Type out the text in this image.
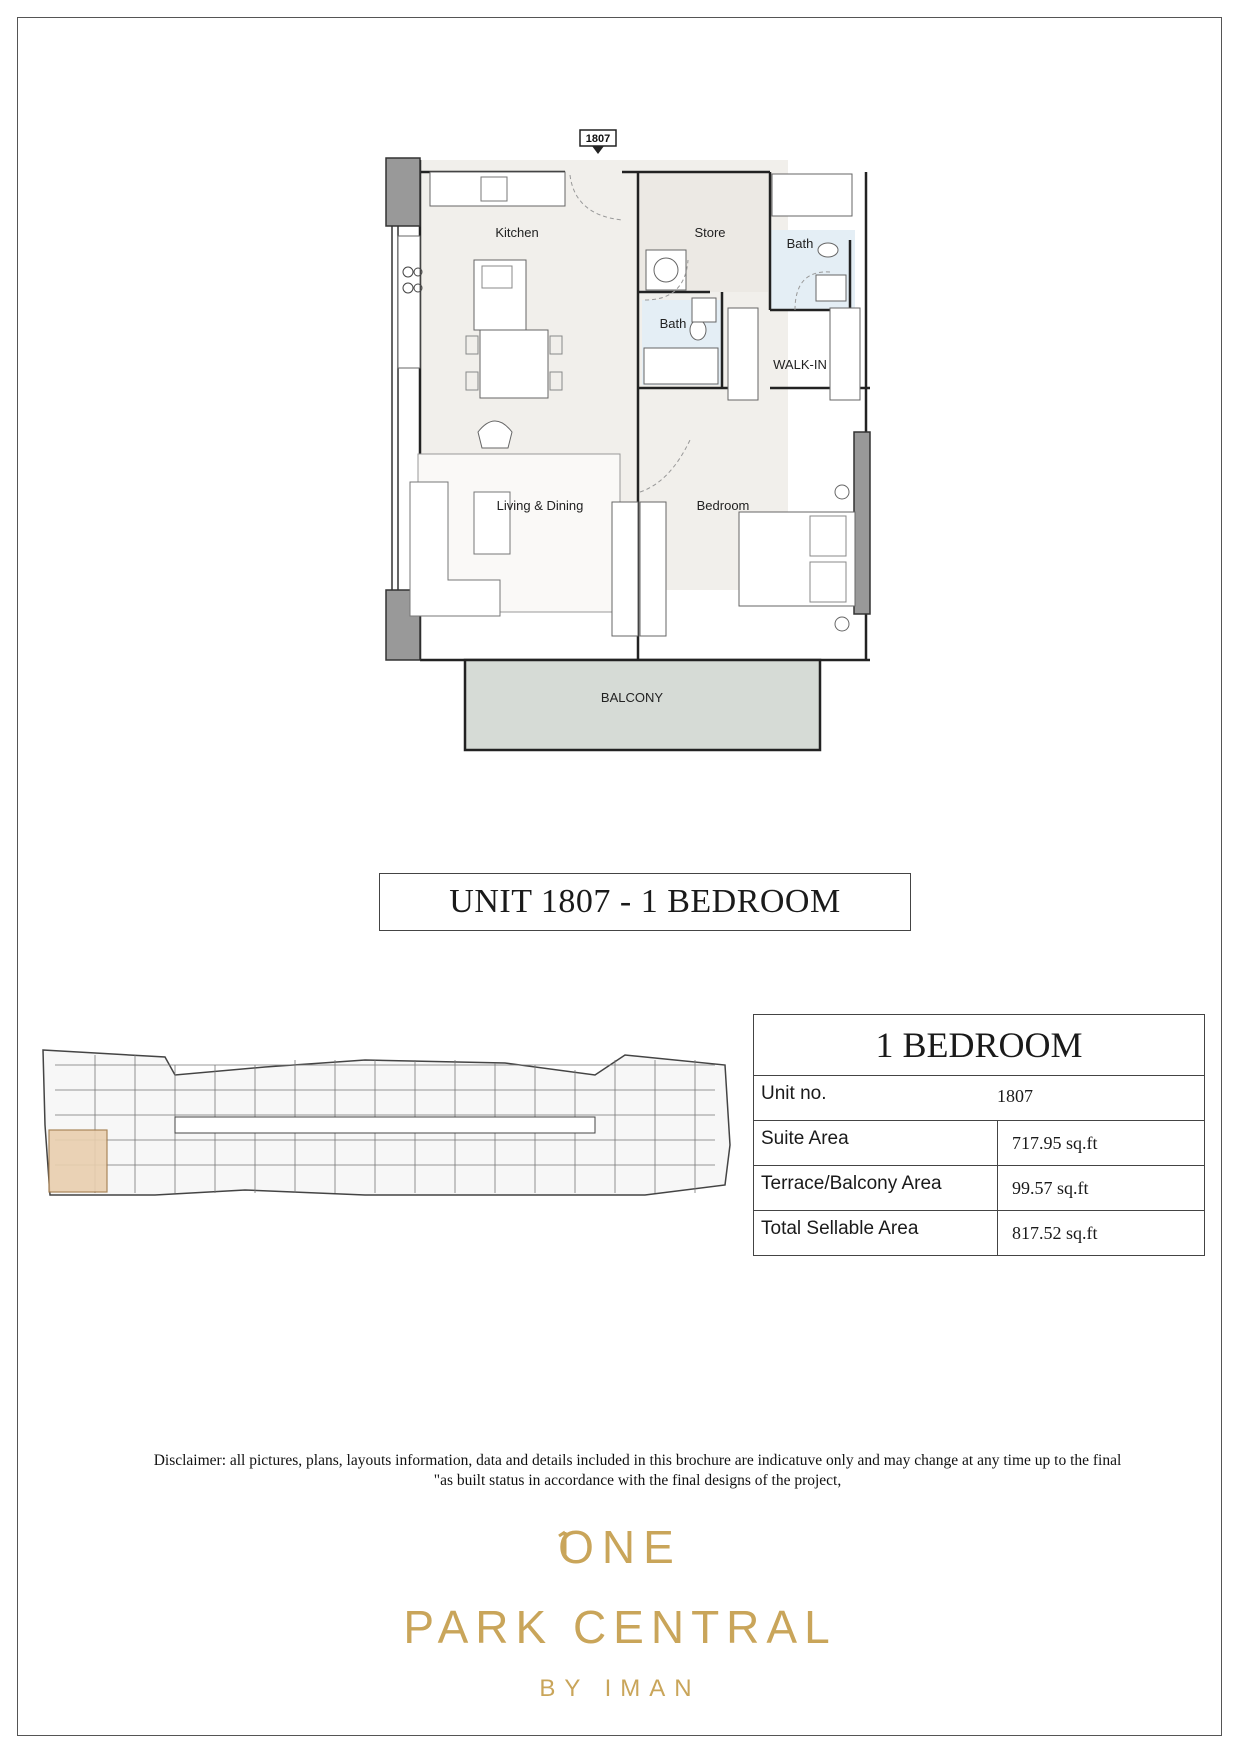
1807
Kitchen	Store
Bath
Bath
WALK-IN
Living & Dining	Bedroom
BALCONY
UNIT 1807 - 1 BEDROOM
1 BEDROOM
Unit no.	1807
Suite Area	717.95 sq.ft
Terrace/Balcony Area	99.57 sq.ft
Total Sellable Area	817.52 sq.ft
Disclaimer: all pictures, plans, layouts information, data and details included in this brochure are indicatuve only and may change at any time up to the final
"as built status in accordance with the final designs of the project,
ONE
PARK CENTRAL
BY IMAN
